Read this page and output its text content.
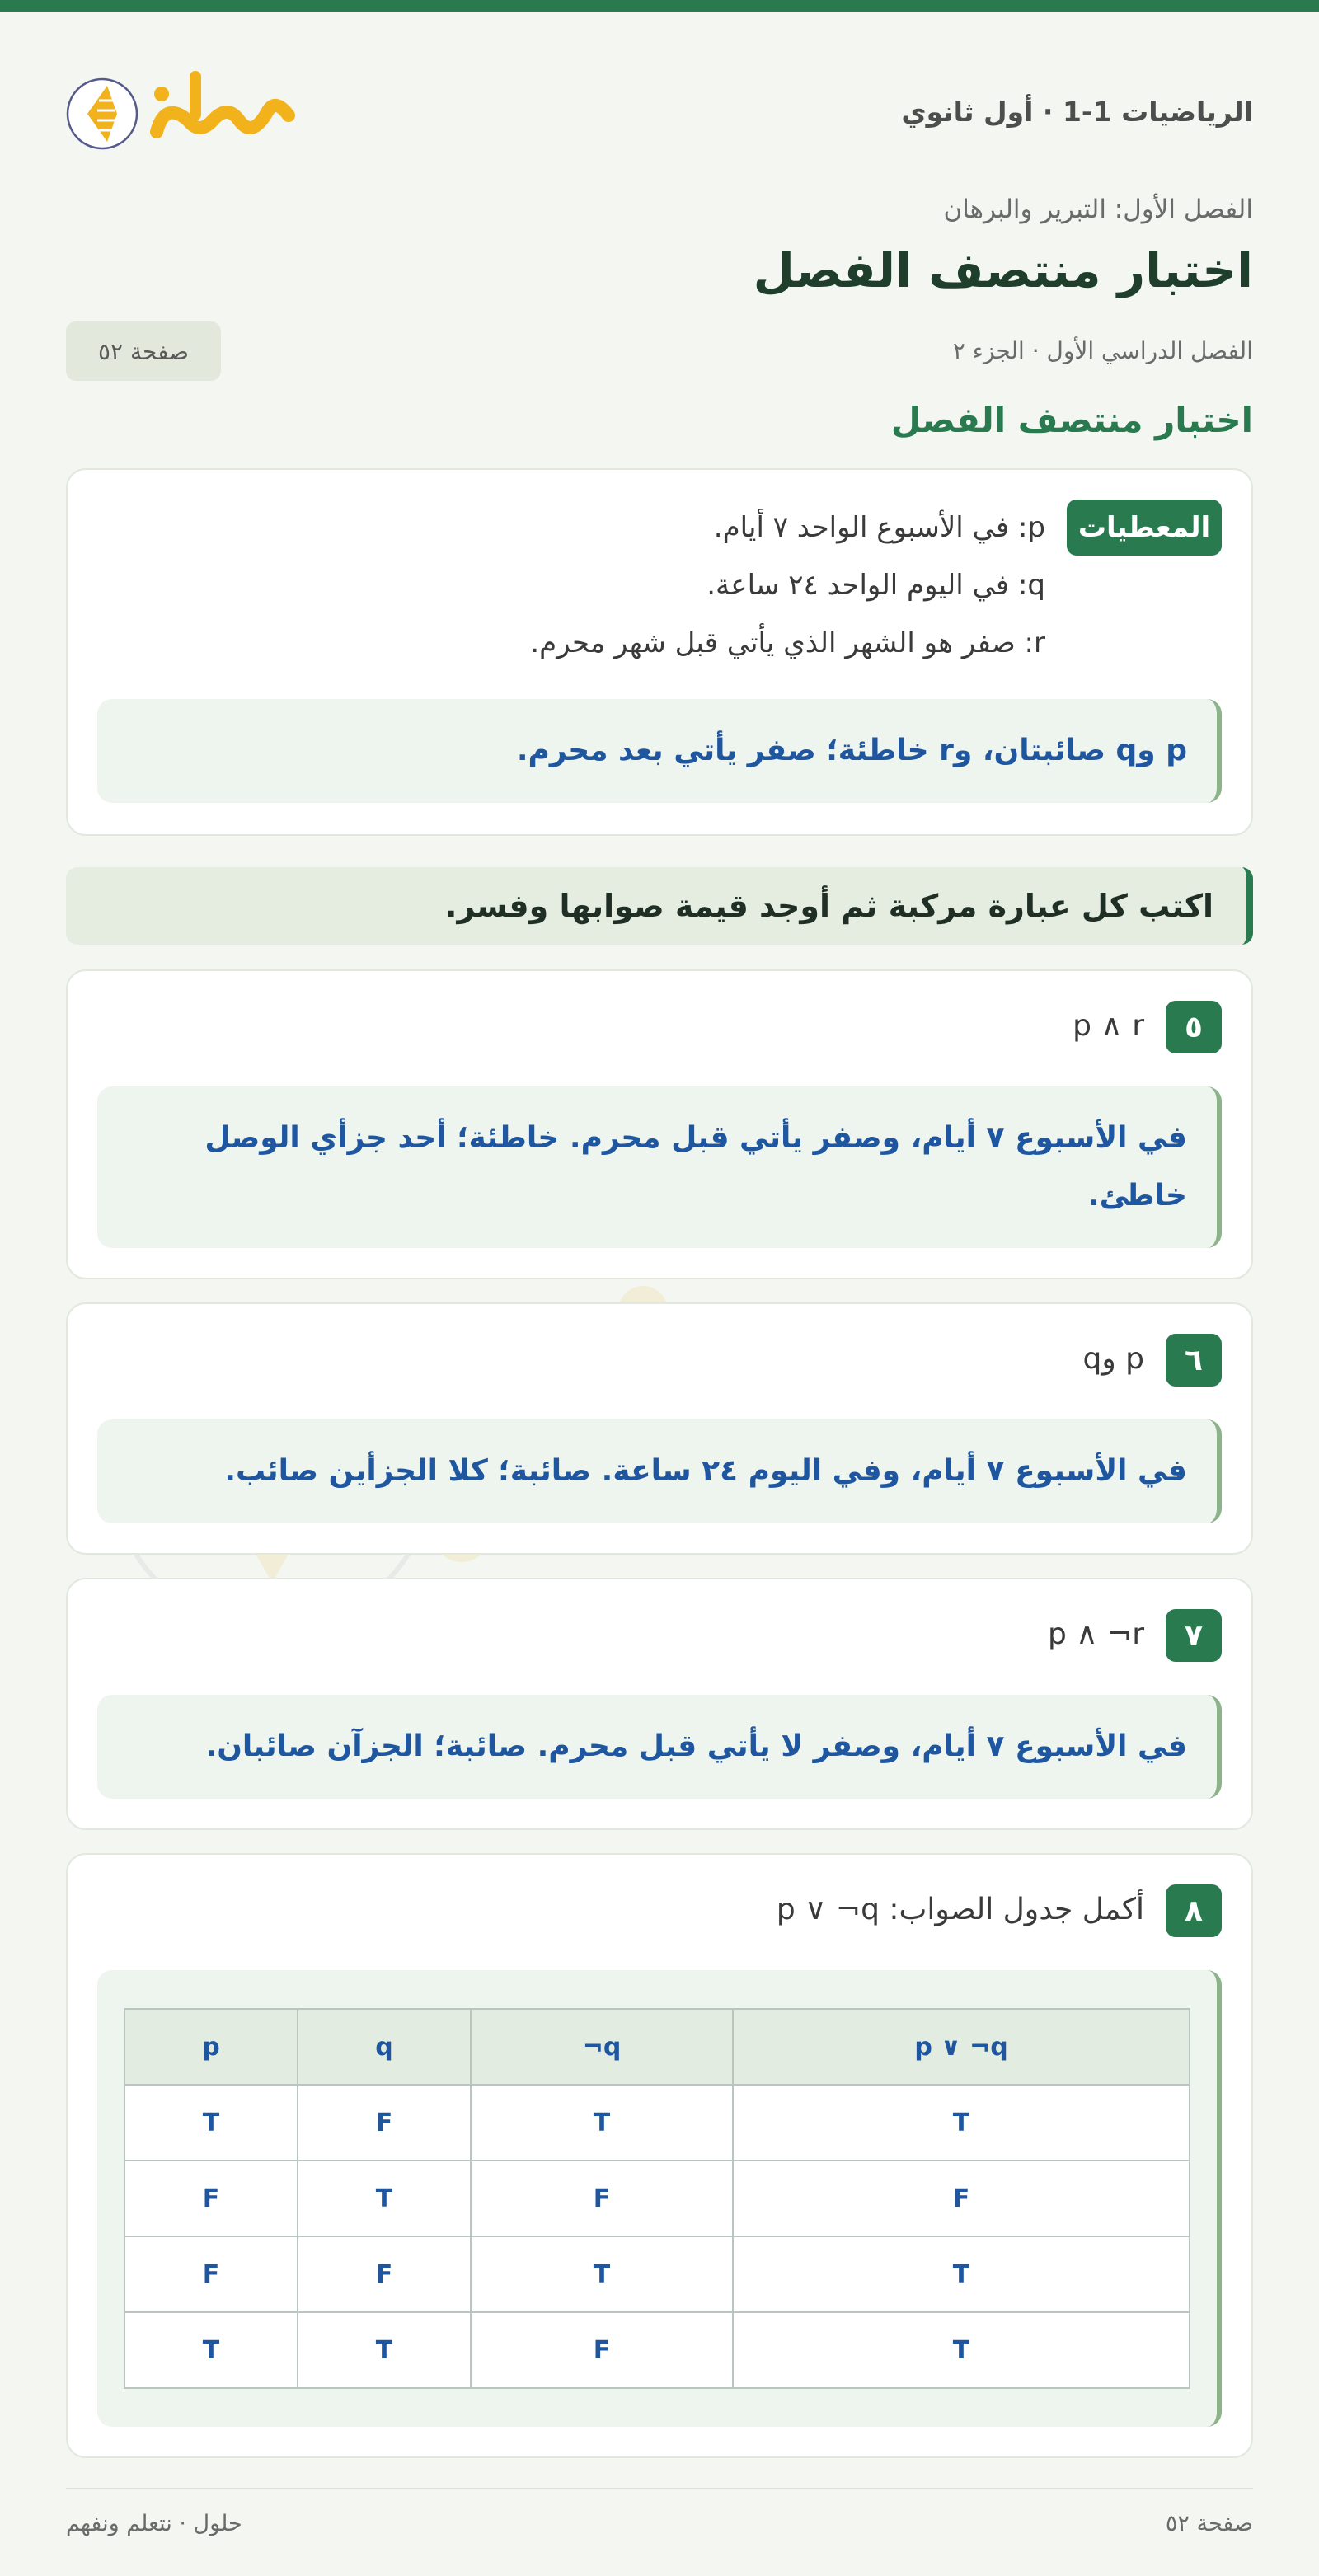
الرياضيات 1-1 · أول ثانوي
الفصل الأول: التبرير والبرهان
اختبار منتصف الفصل
الفصل الدراسي الأول · الجزء ٢
صفحة ٥٢
اختبار منتصف الفصل
المعطيات
p: في الأسبوع الواحد ٧ أيام.
q: في اليوم الواحد ٢٤ ساعة.
r: صفر هو الشهر الذي يأتي قبل شهر محرم.
p وq صائبتان، وr خاطئة؛ صفر يأتي بعد محرم.
اكتب كل عبارة مركبة ثم أوجد قيمة صوابها وفسر.
٥
p ∧ r
في الأسبوع ٧ أيام، وصفر يأتي قبل محرم. خاطئة؛ أحد جزأي الوصل خاطئ.
٦
p وq
في الأسبوع ٧ أيام، وفي اليوم ٢٤ ساعة. صائبة؛ كلا الجزأين صائب.
٧
p ∧ ¬r
في الأسبوع ٧ أيام، وصفر لا يأتي قبل محرم. صائبة؛ الجزآن صائبان.
٨
أكمل جدول الصواب: p ∨ ¬q
p	q	¬q	p ∨ ¬q
T	F	T	T
F	T	F	F
F	F	T	T
T	T	F	T
صفحة ٥٢
حلول · نتعلم ونفهم
